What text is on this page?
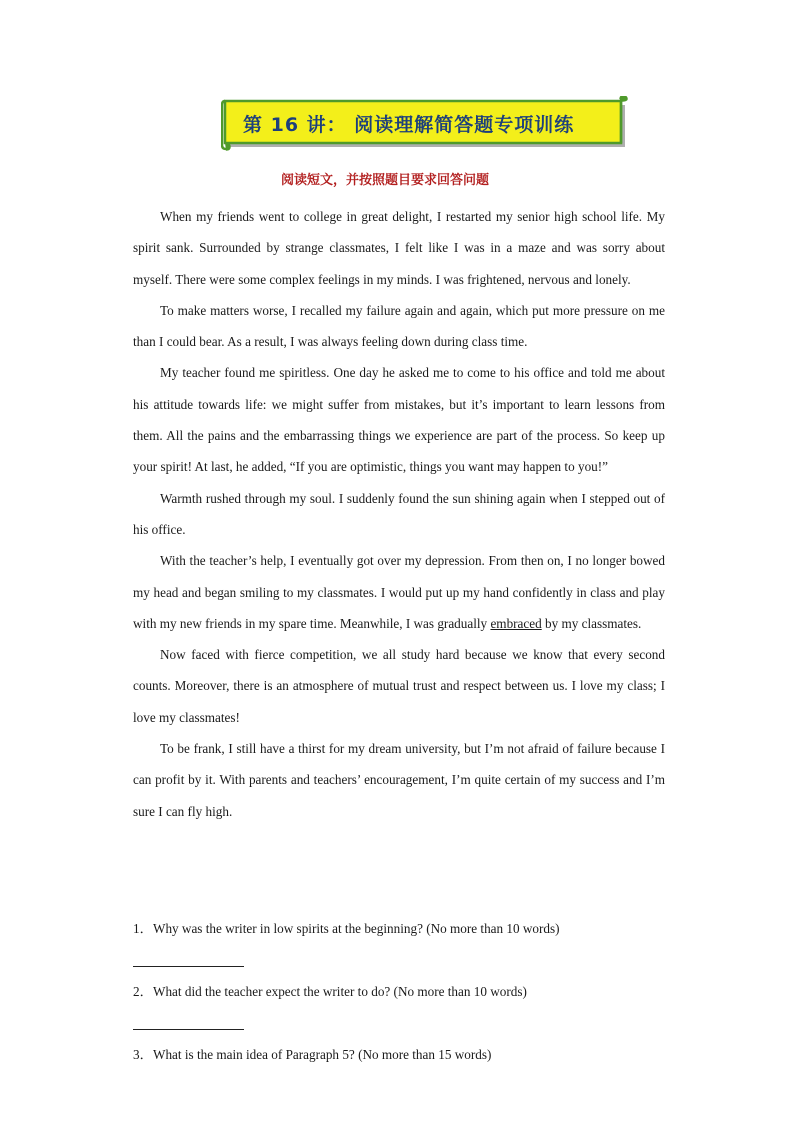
第 16 讲： 阅读理解简答题专项训练
阅读短文，并按照题目要求回答问题

When my friends went to college in great delight, I restarted my senior high school life. My spirit sank. Surrounded by strange classmates, I felt like I was in a maze and was sorry about myself. There were some complex feelings in my minds. I was frightened, nervous and lonely.

To make matters worse, I recalled my failure again and again, which put more pressure on me than I could bear. As a result, I was always feeling down during class time.

My teacher found me spiritless. One day he asked me to come to his office and told me about his attitude towards life: we might suffer from mistakes, but it’s important to learn lessons from them. All the pains and the embarrassing things we experience are part of the process. So keep up your spirit! At last, he added, “If you are optimistic, things you want may happen to you!”

Warmth rushed through my soul. I suddenly found the sun shining again when I stepped out of his office.

With the teacher’s help, I eventually got over my depression. From then on, I no longer bowed my head and began smiling to my classmates. I would put up my hand confidently in class and play with my new friends in my spare time. Meanwhile, I was gradually embraced by my classmates.

Now faced with fierce competition, we all study hard because we know that every second counts. Moreover, there is an atmosphere of mutual trust and respect between us. I love my class; I love my classmates!

To be frank, I still have a thirst for my dream university, but I’m not afraid of failure because I can profit by it. With parents and teachers’ encouragement, I’m quite certain of my success and I’m sure I can fly high.

1．Why was the writer in low spirits at the beginning? (No more than 10 words)

2．What did the teacher expect the writer to do? (No more than 10 words)

3．What is the main idea of Paragraph 5? (No more than 15 words)
